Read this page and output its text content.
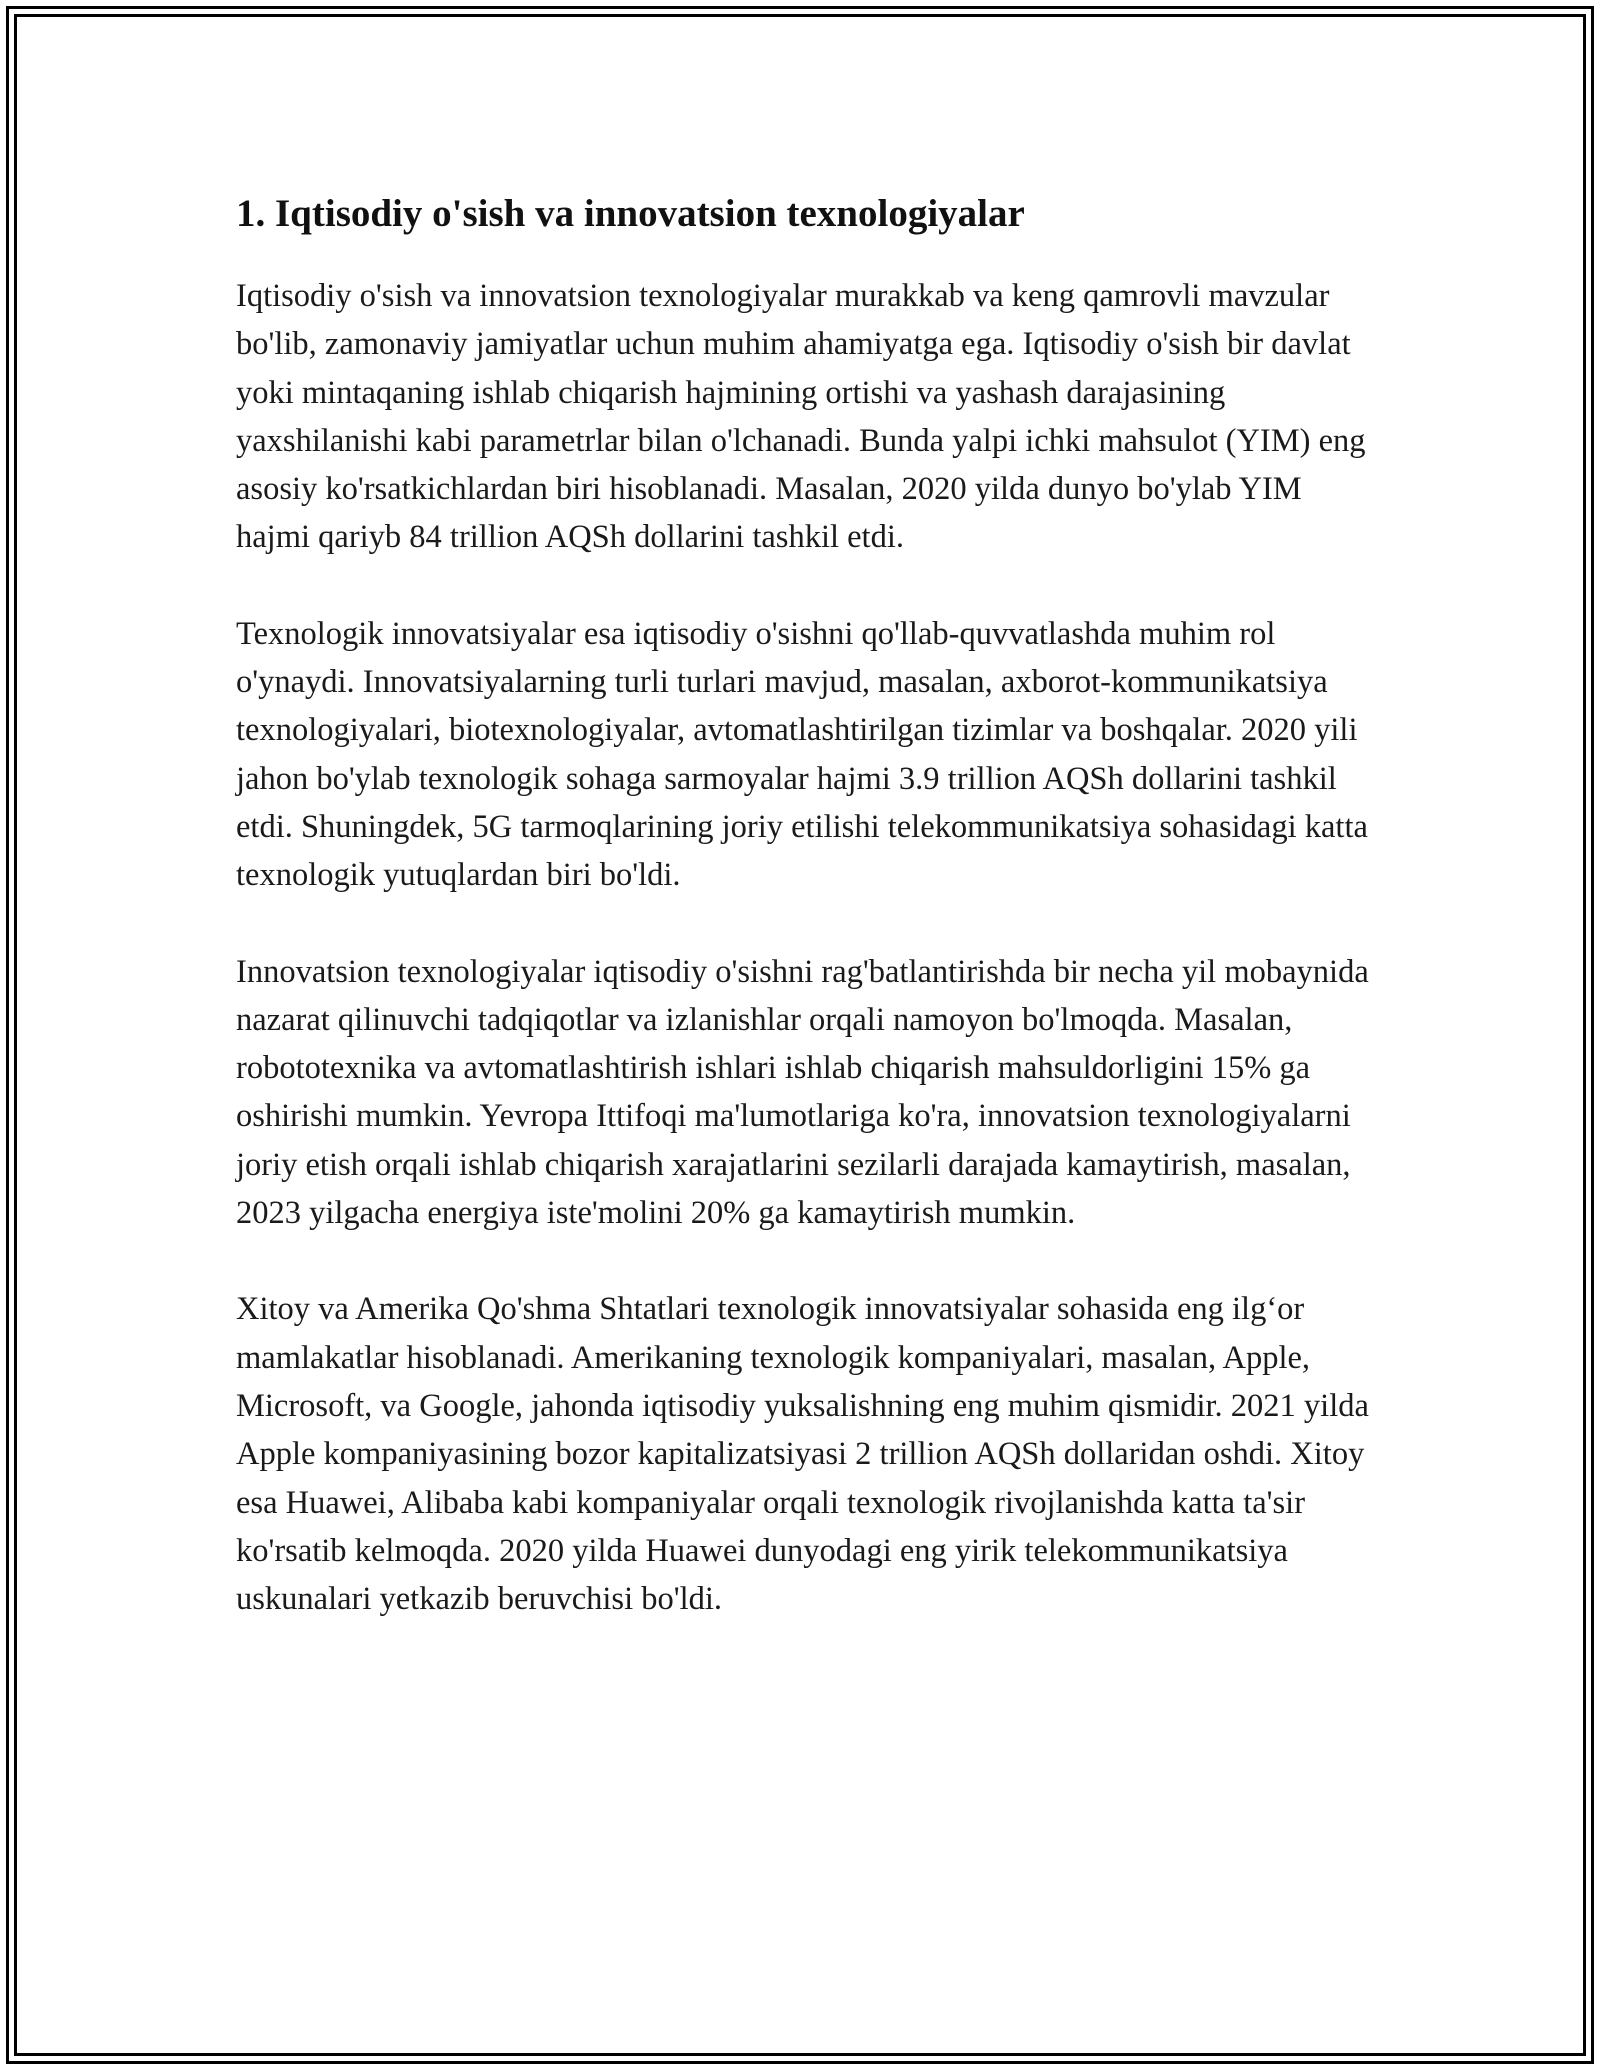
1. Iqtisodiy o'sish va innovatsion texnologiyalar

Iqtisodiy o'sish va innovatsion texnologiyalar murakkab va keng qamrovli mavzular bo'lib, zamonaviy jamiyatlar uchun muhim ahamiyatga ega. Iqtisodiy o'sish bir davlat yoki mintaqaning ishlab chiqarish hajmining ortishi va yashash darajasining yaxshilanishi kabi parametrlar bilan o'lchanadi. Bunda yalpi ichki mahsulot (YIM) eng asosiy ko'rsatkichlardan biri hisoblanadi. Masalan, 2020 yilda dunyo bo'ylab YIM hajmi qariyb 84 trillion AQSh dollarini tashkil etdi.

Texnologik innovatsiyalar esa iqtisodiy o'sishni qo'llab-quvvatlashda muhim rol o'ynaydi. Innovatsiyalarning turli turlari mavjud, masalan, axborot-kommunikatsiya texnologiyalari, biotexnologiyalar, avtomatlashtirilgan tizimlar va boshqalar. 2020 yili jahon bo'ylab texnologik sohaga sarmoyalar hajmi 3.9 trillion AQSh dollarini tashkil etdi. Shuningdek, 5G tarmoqlarining joriy etilishi telekommunikatsiya sohasidagi katta texnologik yutuqlardan biri bo'ldi.

Innovatsion texnologiyalar iqtisodiy o'sishni rag'batlantirishda bir necha yil mobaynida nazarat qilinuvchi tadqiqotlar va izlanishlar orqali namoyon bo'lmoqda. Masalan, robototexnika va avtomatlashtirish ishlari ishlab chiqarish mahsuldorligini 15% ga oshirishi mumkin. Yevropa Ittifoqi ma'lumotlariga ko'ra, innovatsion texnologiyalarni joriy etish orqali ishlab chiqarish xarajatlarini sezilarli darajada kamaytirish, masalan, 2023 yilgacha energiya iste'molini 20% ga kamaytirish mumkin.

Xitoy va Amerika Qo'shma Shtatlari texnologik innovatsiyalar sohasida eng ilg‘or mamlakatlar hisoblanadi. Amerikaning texnologik kompaniyalari, masalan, Apple, Microsoft, va Google, jahonda iqtisodiy yuksalishning eng muhim qismidir. 2021 yilda Apple kompaniyasining bozor kapitalizatsiyasi 2 trillion AQSh dollaridan oshdi. Xitoy esa Huawei, Alibaba kabi kompaniyalar orqali texnologik rivojlanishda katta ta'sir ko'rsatib kelmoqda. 2020 yilda Huawei dunyodagi eng yirik telekommunikatsiya uskunalari yetkazib beruvchisi bo'ldi.
